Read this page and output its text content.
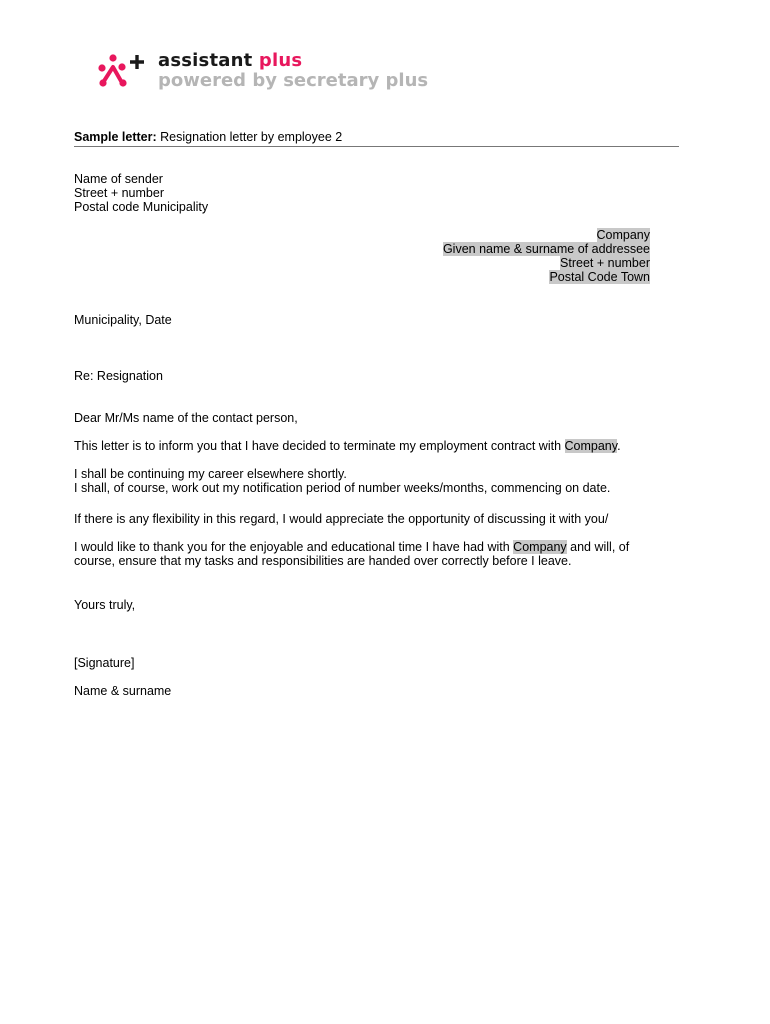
assistant plus
powered by secretary plus
Sample letter: Resignation letter by employee 2
Name of sender
Street + number
Postal code Municipality
Company
Given name & surname of addressee
Street + number
Postal Code Town
Municipality, Date
Re: Resignation
Dear Mr/Ms name of the contact person,
This letter is to inform you that I have decided to terminate my employment contract with Company.
I shall be continuing my career elsewhere shortly.
I shall, of course, work out my notification period of number weeks/months, commencing on date.
If there is any flexibility in this regard, I would appreciate the opportunity of discussing it with you/
I would like to thank you for the enjoyable and educational time I have had with Company and will, of
course, ensure that my tasks and responsibilities are handed over correctly before I leave.
Yours truly,
[Signature]
Name & surname
